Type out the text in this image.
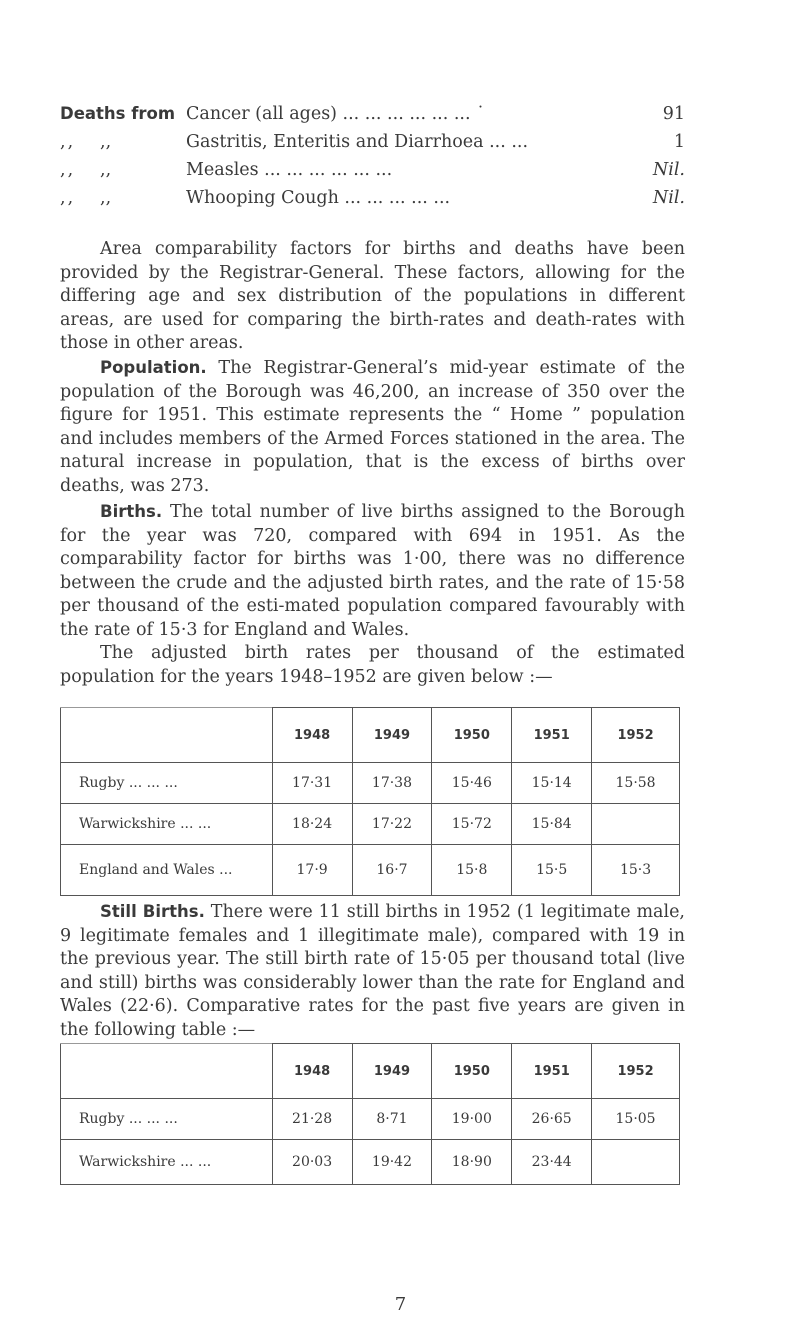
Deaths from Cancer (all ages) ... ... ... ... ... ... ˙	91
,, ,,	Gastritis, Enteritis and Diarrhoea ... ...	1
,, ,,	Measles ... ... ... ... ... ...	Nil.
,, ,,	Whooping Cough ... ... ... ... ...	Nil.

Area comparability factors for births and deaths have been provided by the Registrar-General. These factors, allowing for the differing age and sex distribution of the populations in different areas, are used for comparing the birth-rates and death-rates with those in other areas.

Population. The Registrar-General’s mid-year estimate of the population of the Borough was 46,200, an increase of 350 over the figure for 1951. This estimate represents the “ Home ” population and includes members of the Armed Forces stationed in the area. The natural increase in population, that is the excess of births over deaths, was 273.

Births. The total number of live births assigned to the Borough for the year was 720, compared with 694 in 1951. As the comparability factor for births was 1·00, there was no difference between the crude and the adjusted birth rates, and the rate of 15·58 per thousand of the esti-mated population compared favourably with the rate of 15·3 for England and Wales.

The adjusted birth rates per thousand of the estimated population for the years 1948–1952 are given below :—

	1948	1949	1950	1951	1952
Rugby ... ... ...	17·31	17·38	15·46	15·14	15·58
Warwickshire ... ...	18·24	17·22	15·72	15·84	
England and Wales ...	17·9	16·7	15·8	15·5	15·3

Still Births. There were 11 still births in 1952 (1 legitimate male, 9 legitimate females and 1 illegitimate male), compared with 19 in the previous year. The still birth rate of 15·05 per thousand total (live and still) births was considerably lower than the rate for England and Wales (22·6). Comparative rates for the past five years are given in the following table :—

	1948	1949	1950	1951	1952
Rugby ... ... ...	21·28	8·71	19·00	26·65	15·05
Warwickshire ... ...	20·03	19·42	18·90	23·44	
7
